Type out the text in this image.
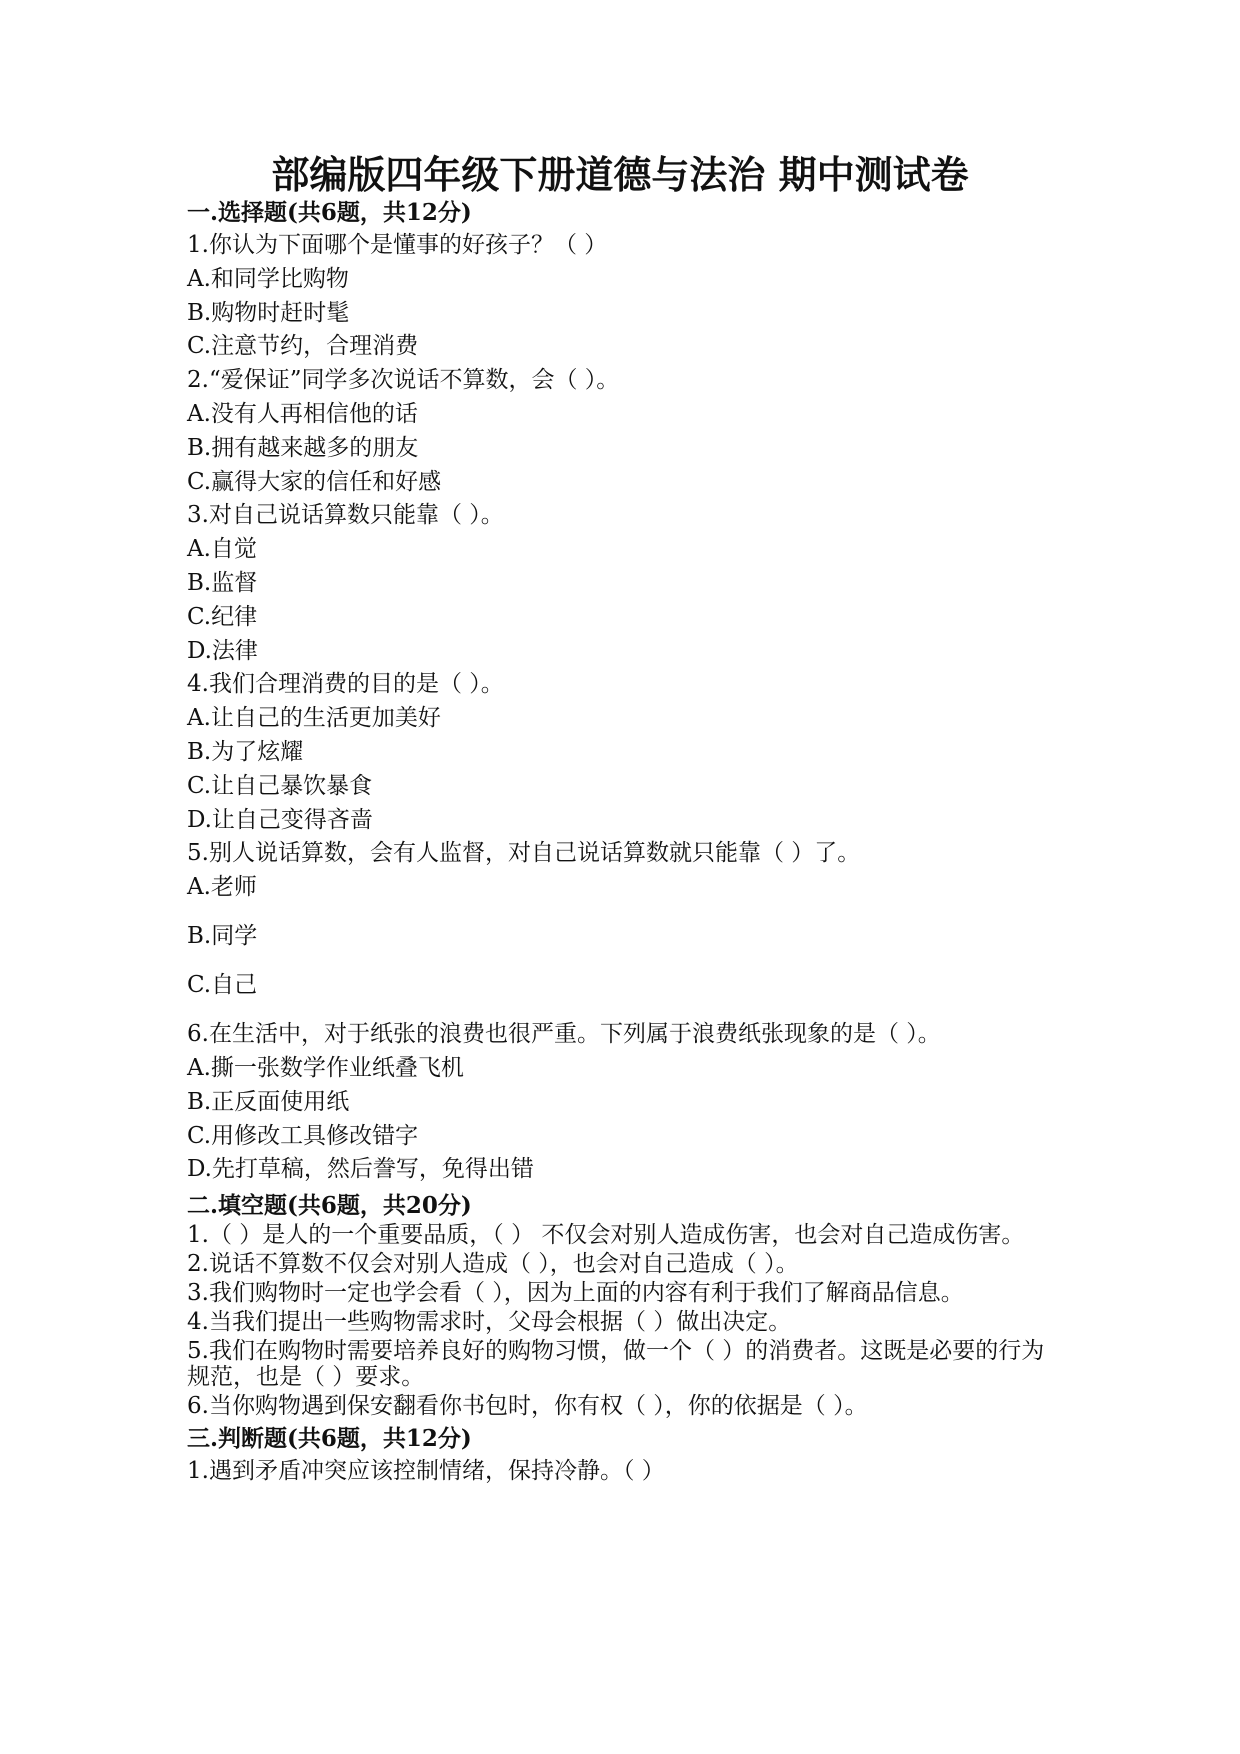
部编版四年级下册道德与法治 期中测试卷
一.选择题(共6题，共12分)
1.你认为下面哪个是懂事的好孩子？（ ）
A.和同学比购物
B.购物时赶时髦
C.注意节约，合理消费
2.“爱保证”同学多次说话不算数，会（ ）。
A.没有人再相信他的话
B.拥有越来越多的朋友
C.赢得大家的信任和好感
3.对自己说话算数只能靠（ ）。
A.自觉
B.监督
C.纪律
D.法律
4.我们合理消费的目的是（ ）。
A.让自己的生活更加美好
B.为了炫耀
C.让自己暴饮暴食
D.让自己变得吝啬
5.别人说话算数，会有人监督，对自己说话算数就只能靠（ ）了。
A.老师
B.同学
C.自己
6.在生活中，对于纸张的浪费也很严重。下列属于浪费纸张现象的是（ ）。
A.撕一张数学作业纸叠飞机
B.正反面使用纸
C.用修改工具修改错字
D.先打草稿，然后誊写，免得出错
二.填空题(共6题，共20分)
1.（ ）是人的一个重要品质，（ ） 不仅会对别人造成伤害，也会对自己造成伤害。
2.说话不算数不仅会对别人造成（ ），也会对自己造成（ ）。
3.我们购物时一定也学会看（ ），因为上面的内容有利于我们了解商品信息。
4.当我们提出一些购物需求时，父母会根据（ ）做出决定。
5.我们在购物时需要培养良好的购物习惯，做一个（ ）的消费者。这既是必要的行为规范，也是（ ）要求。
6.当你购物遇到保安翻看你书包时，你有权（ ），你的依据是（ ）。
三.判断题(共6题，共12分)
1.遇到矛盾冲突应该控制情绪，保持冷静。（ ）
